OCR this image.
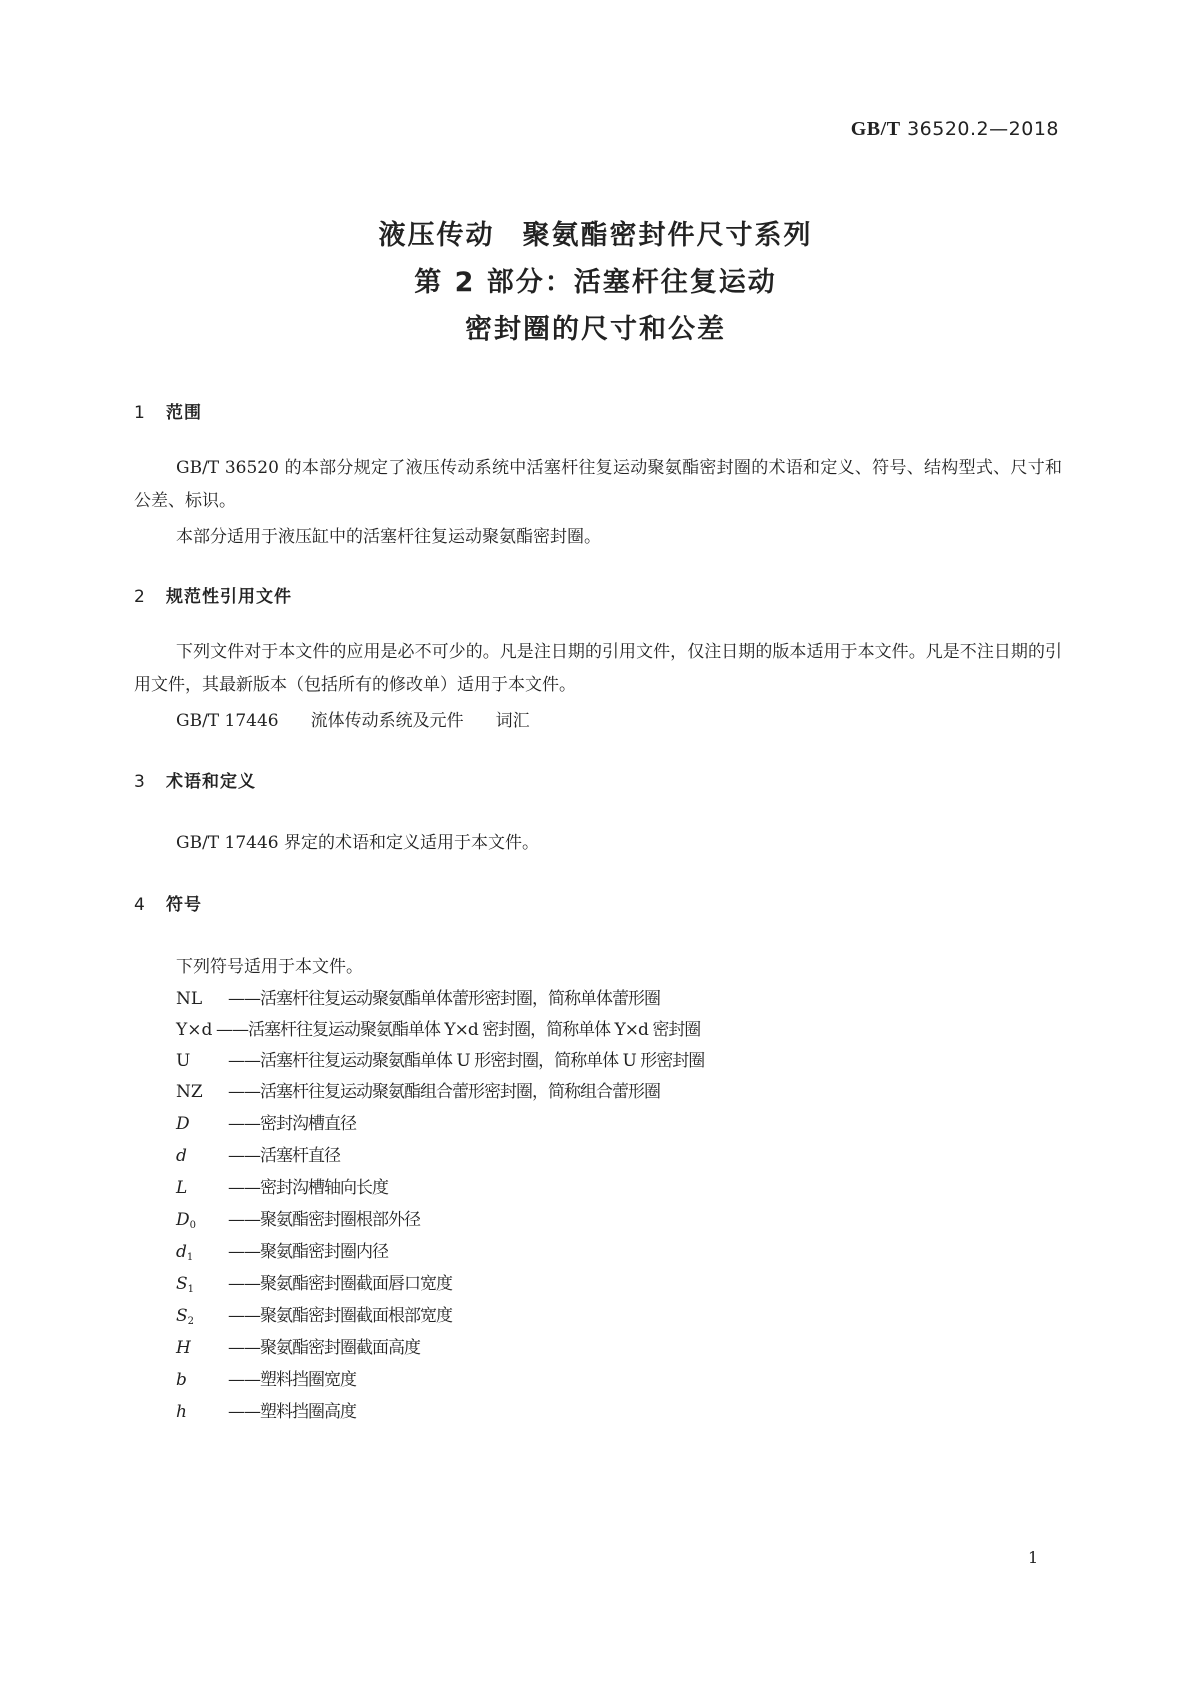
GB/T 36520.2—2018
液压传动 聚氨酯密封件尺寸系列
第 2 部分：活塞杆往复运动
密封圈的尺寸和公差
1 范围
GB/T 36520 的本部分规定了液压传动系统中活塞杆往复运动聚氨酯密封圈的术语和定义、符号、结构型式、尺寸和公差、标识。
本部分适用于液压缸中的活塞杆往复运动聚氨酯密封圈。
2 规范性引用文件
下列文件对于本文件的应用是必不可少的。凡是注日期的引用文件，仅注日期的版本适用于本文件。凡是不注日期的引用文件，其最新版本（包括所有的修改单）适用于本文件。
GB/T 17446 流体传动系统及元件 词汇
3 术语和定义
GB/T 17446 界定的术语和定义适用于本文件。
4 符号
下列符号适用于本文件。
NL ——活塞杆往复运动聚氨酯单体蕾形密封圈，简称单体蕾形圈
Y×d ——活塞杆往复运动聚氨酯单体 Y×d 密封圈，简称单体 Y×d 密封圈
U ——活塞杆往复运动聚氨酯单体 U 形密封圈，简称单体 U 形密封圈
NZ ——活塞杆往复运动聚氨酯组合蕾形密封圈，简称组合蕾形圈
D ——密封沟槽直径
d ——活塞杆直径
L ——密封沟槽轴向长度
$D_0$ ——聚氨酯密封圈根部外径
$d_1$ ——聚氨酯密封圈内径
$S_1$ ——聚氨酯密封圈截面唇口宽度
$S_2$ ——聚氨酯密封圈截面根部宽度
H ——聚氨酯密封圈截面高度
b ——塑料挡圈宽度
h ——塑料挡圈高度
1
